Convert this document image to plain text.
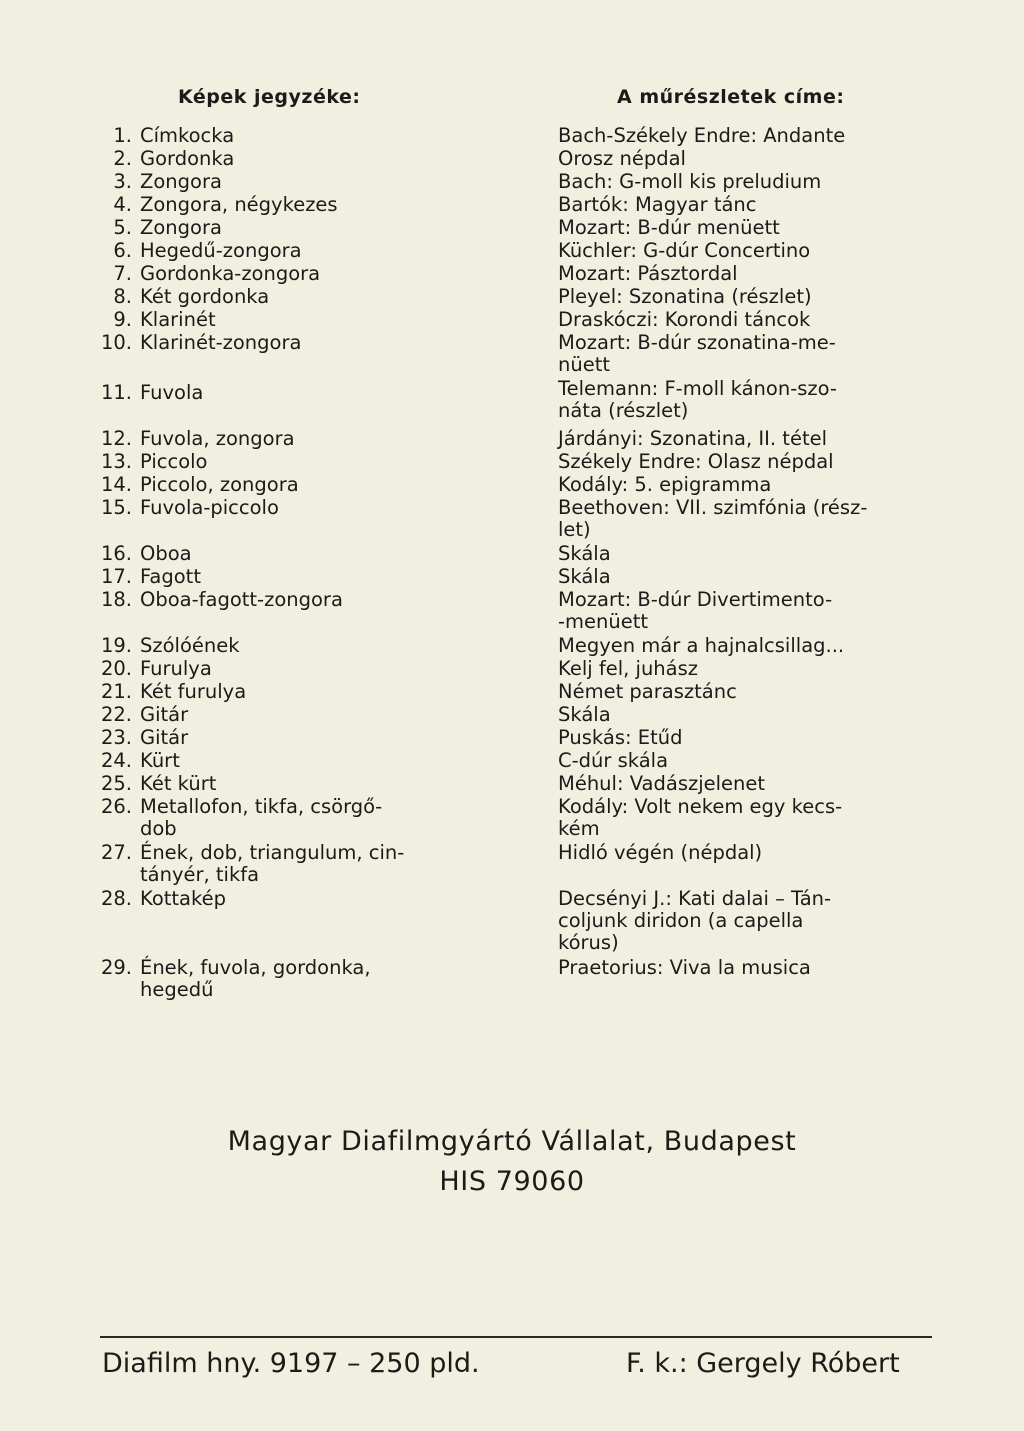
Képek jegyzéke:	A műrészletek címe:
1. Címkocka
2. Gordonka
3. Zongora
4. Zongora, négykezes
5. Zongora
6. Hegedű-zongora
7. Gordonka-zongora
8. Két gordonka
9. Klarinét
10. Klarinét-zongora
11. Fuvola
12. Fuvola, zongora
13. Piccolo
14. Piccolo, zongora
15. Fuvola-piccolo
16. Oboa
17. Fagott
18. Oboa-fagott-zongora
19. Szólóének
20. Furulya
21. Két furulya
22. Gitár
23. Gitár
24. Kürt
25. Két kürt
26. Metallofon, tikfa, csörgő-
dob
27. Ének, dob, triangulum, cin-
tányér, tikfa
28. Kottakép
29. Ének, fuvola, gordonka,
hegedű
Bach-Székely Endre: Andante
Orosz népdal
Bach: G-moll kis preludium
Bartók: Magyar tánc
Mozart: B-dúr menüett
Küchler: G-dúr Concertino
Mozart: Pásztordal
Pleyel: Szonatina (részlet)
Draskóczi: Korondi táncok
Mozart: B-dúr szonatina-me-
nüett
Telemann: F-moll kánon-szo-
náta (részlet)
Járdányi: Szonatina, II. tétel
Székely Endre: Olasz népdal
Kodály: 5. epigramma
Beethoven: VII. szimfónia (rész-
let)
Skála
Skála
Mozart: B-dúr Divertimento-
-menüett
Megyen már a hajnalcsillag...
Kelj fel, juhász
Német parasztánc
Skála
Puskás: Etűd
C-dúr skála
Méhul: Vadászjelenet
Kodály: Volt nekem egy kecs-
kém
Hidló végén (népdal)
Decsényi J.: Kati dalai – Tán-
coljunk diridon (a capella
kórus)
Praetorius: Viva la musica
Magyar Diafilmgyártó Vállalat, Budapest
HIS 79060
Diafilm hny. 9197 – 250 pld.	F. k.: Gergely Róbert
